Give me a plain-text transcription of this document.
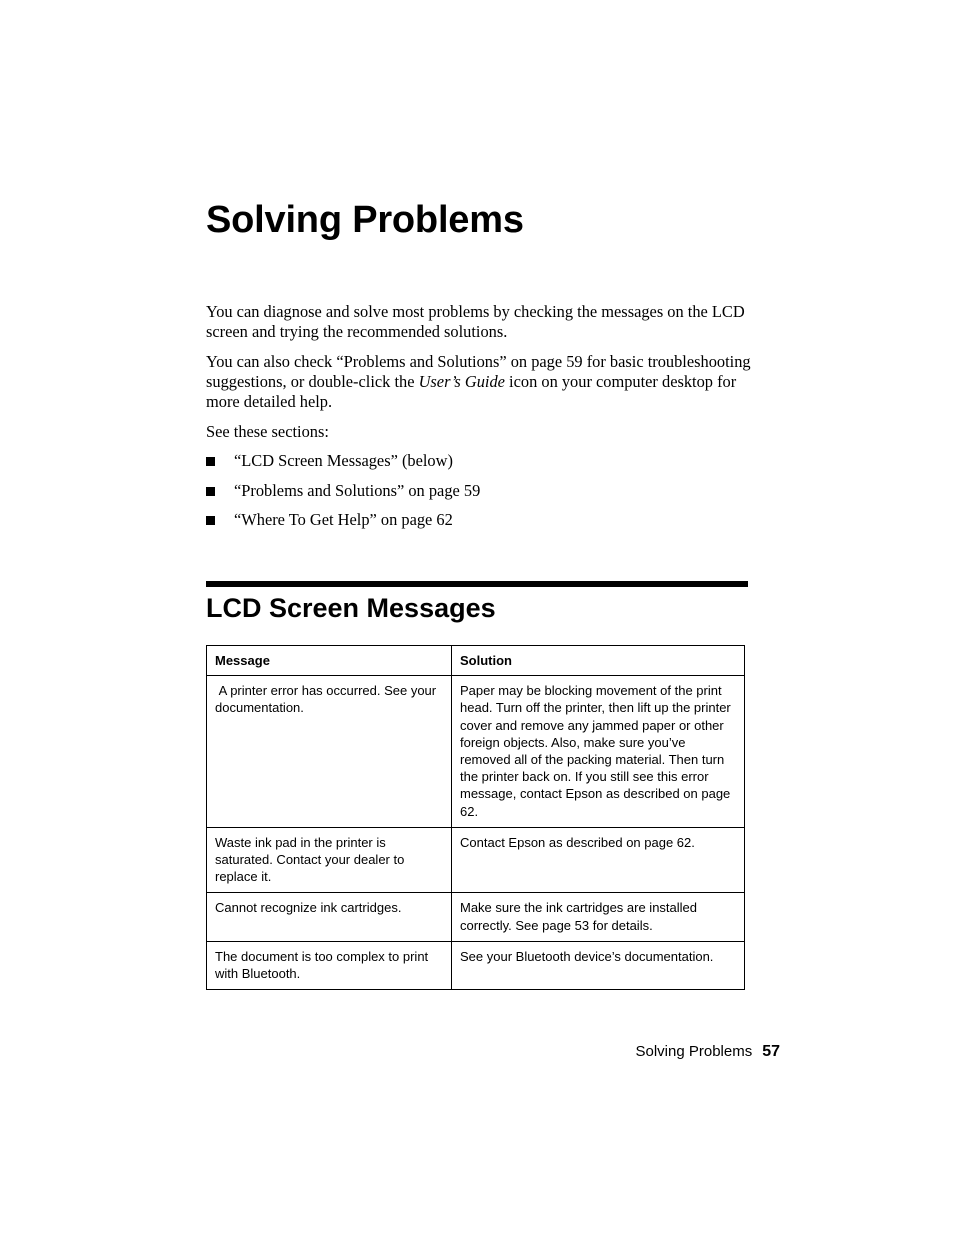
Solving Problems

You can diagnose and solve most problems by checking the messages on the LCD screen and trying the recommended solutions.

You can also check “Problems and Solutions” on page 59 for basic troubleshooting suggestions, or double-click the User’s Guide icon on your computer desktop for more detailed help.

See these sections:

“LCD Screen Messages” (below)
“Problems and Solutions” on page 59
“Where To Get Help” on page 62
LCD Screen Messages
Message	Solution
A printer error has occurred. See your documentation.	Paper may be blocking movement of the print head. Turn off the printer, then lift up the printer cover and remove any jammed paper or other foreign objects. Also, make sure you’ve removed all of the packing material. Then turn the printer back on. If you still see this error message, contact Epson as described on page 62.
Waste ink pad in the printer is saturated. Contact your dealer to replace it.	Contact Epson as described on page 62.
Cannot recognize ink cartridges.	Make sure the ink cartridges are installed correctly. See page 53 for details.
The document is too complex to print with Bluetooth.	See your Bluetooth device’s documentation.
Solving Problems 57
